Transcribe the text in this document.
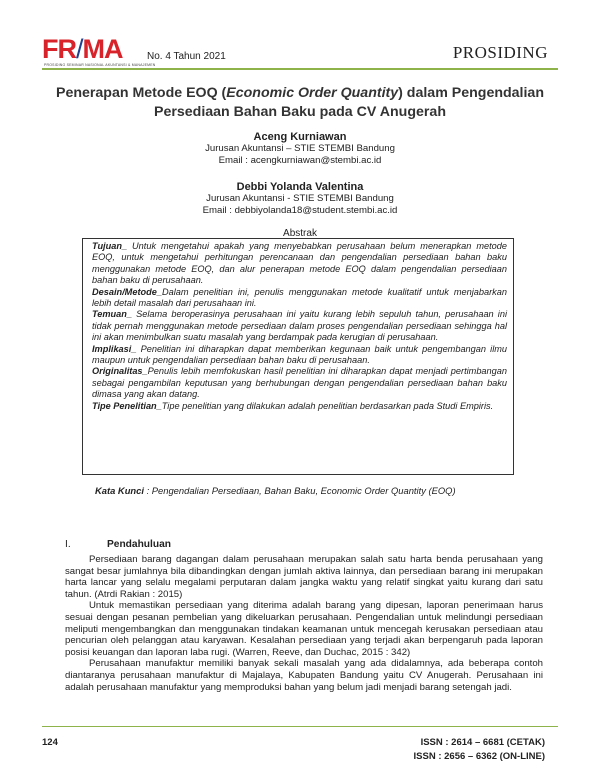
FR/MA
PROSIDING SEMINAR NASIONAL AKUNTANSI & MANAJEMEN
No. 4 Tahun 2021	PROSIDING
Penerapan Metode EOQ (Economic Order Quantity) dalam Pengendalian
Persediaan Bahan Baku pada CV Anugerah
Aceng Kurniawan
Jurusan Akuntansi – STIE STEMBI Bandung
Email : acengkurniawan@stembi.ac.id
Debbi Yolanda Valentina
Jurusan Akuntansi - STIE STEMBI Bandung
Email : debbiyolanda18@student.stembi.ac.id
Abstrak

Tujuan_ Untuk mengetahui apakah yang menyebabkan perusahaan belum menerapkan metode EOQ, untuk mengetahui perhitungan perencanaan dan pengendalian persediaan bahan baku menggunakan metode EOQ, dan alur penerapan metode EOQ dalam pengendalian persediaan bahan baku di perusahaan.

Desain/Metode_Dalam penelitian ini, penulis menggunakan metode kualitatif untuk menjabarkan lebih detail masalah dari perusahaan ini.

Temuan_ Selama beroperasinya perusahaan ini yaitu kurang lebih sepuluh tahun, perusahaan ini tidak pernah menggunakan metode persediaan dalam proses pengendalian persediaan sehingga hal ini akan menimbulkan suatu masalah yang berdampak pada kerugian di perusahaan.

Implikasi_ Penelitian ini diharapkan dapat memberikan kegunaan baik untuk pengembangan ilmu maupun untuk pengendalian persediaan bahan baku di perusahaan.

Originalitas_Penulis lebih memfokuskan hasil penelitian ini diharapkan dapat menjadi pertimbangan sebagai pengambilan keputusan yang berhubungan dengan pengendalian persediaan bahan baku dimasa yang akan datang.

Tipe Penelitian_Tipe penelitian yang dilakukan adalah penelitian berdasarkan pada Studi Empiris.

Kata Kunci : Pengendalian Persediaan, Bahan Baku, Economic Order Quantity (EOQ)
I.	Pendahuluan

Persediaan barang dagangan dalam perusahaan merupakan salah satu harta benda perusahaan yang sangat besar jumlahnya bila dibandingkan dengan jumlah aktiva lainnya, dan persediaan barang ini merupakan harta lancar yang selalu megalami perputaran dalam jangka waktu yang relatif singkat yaitu kurang dari satu tahun. (Atrdi Rakian : 2015)

Untuk memastikan persediaan yang diterima adalah barang yang dipesan, laporan penerimaan harus sesuai dengan pesanan pembelian yang dikeluarkan perusahaan. Pengendalian untuk melindungi persediaan meliputi mengembangkan dan menggunakan tindakan keamanan untuk mencegah kerusakan persediaan atau pencurian oleh pelanggan atau karyawan. Kesalahan persediaan yang terjadi akan berpengaruh pada laporan posisi keuangan dan laporan laba rugi. (Warren, Reeve, dan Duchac, 2015 : 342)

Perusahaan manufaktur memiliki banyak sekali masalah yang ada didalamnya, ada beberapa contoh diantaranya perusahaan manufaktur di Majalaya, Kabupaten Bandung yaitu CV Anugerah. Perusahaan ini adalah perusahaan manufaktur yang memproduksi bahan yang belum jadi menjadi barang setengah jadi.

124	ISSN : 2614 – 6681 (CETAK)
ISSN : 2656 – 6362 (ON-LINE)
